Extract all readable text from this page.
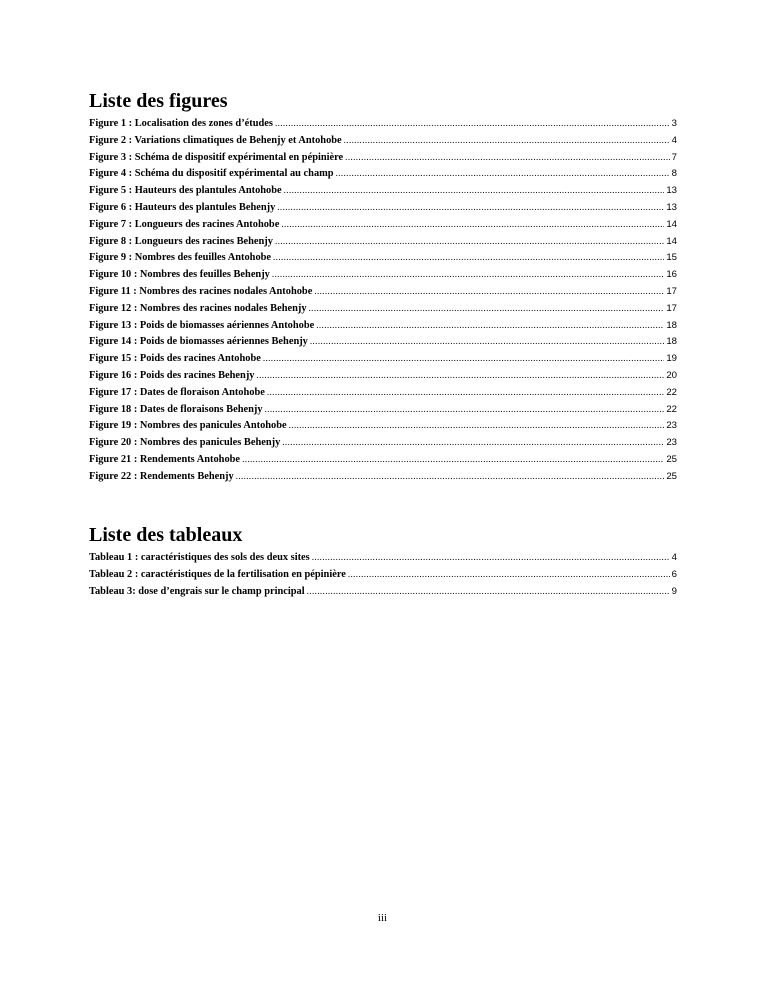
Liste des figures
Figure 1 : Localisation des zones d’études .....	3
Figure 2 : Variations climatiques de Behenjy et Antohobe .....	4
Figure 3 : Schéma de dispositif expérimental en pépinière .....	7
Figure 4 : Schéma du dispositif expérimental au champ .....	8
Figure 5 : Hauteurs des plantules Antohobe .....	13
Figure 6 : Hauteurs des plantules Behenjy .....	13
Figure 7 : Longueurs des racines Antohobe .....	14
Figure 8 : Longueurs des racines Behenjy .....	14
Figure 9 : Nombres des feuilles Antohobe .....	15
Figure 10 : Nombres des feuilles Behenjy .....	16
Figure 11 : Nombres des racines nodales Antohobe .....	17
Figure 12 : Nombres des racines nodales Behenjy .....	17
Figure 13 : Poids de biomasses aériennes Antohobe .....	18
Figure 14 : Poids de biomasses aériennes Behenjy .....	18
Figure 15 : Poids des racines Antohobe .....	19
Figure 16 : Poids des racines Behenjy .....	20
Figure 17 : Dates de floraison Antohobe .....	22
Figure 18 : Dates de floraisons Behenjy .....	22
Figure 19 : Nombres des panicules Antohobe .....	23
Figure 20 : Nombres des panicules Behenjy .....	23
Figure 21 : Rendements Antohobe .....	25
Figure 22 : Rendements Behenjy .....	25
Liste des tableaux
Tableau 1 : caractéristiques des sols des deux sites .....	4
Tableau 2 : caractéristiques de la fertilisation en pépinière .....	6
Tableau 3: dose d’engrais sur le champ principal .....	9
iii
